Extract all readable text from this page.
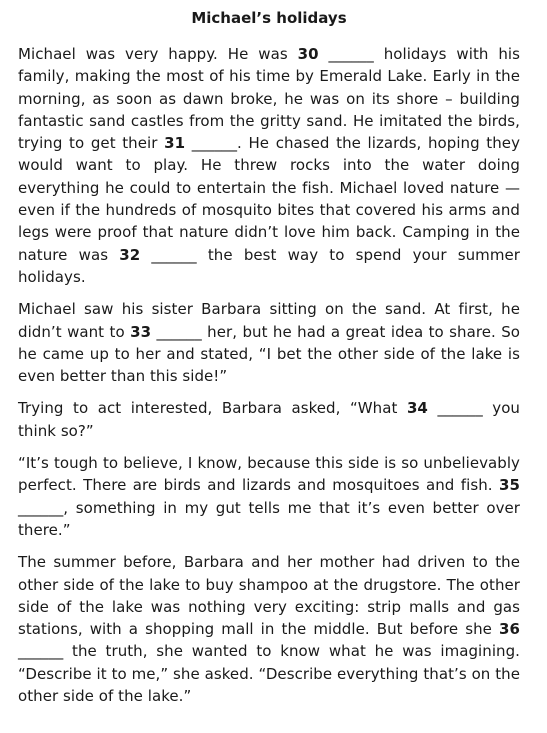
Michael’s holidays

Michael was very happy. He was 30 ______ holidays with his family, making the most of his time by Emerald Lake. Early in the morning, as soon as dawn broke, he was on its shore – building fantastic sand castles from the gritty sand. He imitated the birds, trying to get their 31 ______. He chased the lizards, hoping they would want to play. He threw rocks into the water doing everything he could to entertain the fish. Michael loved nature — even if the hundreds of mosquito bites that covered his arms and legs were proof that nature didn’t love him back. Camping in the nature was 32 ______ the best way to spend your summer holidays.

Michael saw his sister Barbara sitting on the sand. At first, he didn’t want to 33 ______ her, but he had a great idea to share. So he came up to her and stated, “I bet the other side of the lake is even better than this side!”

Trying to act interested, Barbara asked, “What 34 ______ you think so?”

“It’s tough to believe, I know, because this side is so unbelievably perfect. There are birds and lizards and mosquitoes and fish. 35 ______, something in my gut tells me that it’s even better over there.”

The summer before, Barbara and her mother had driven to the other side of the lake to buy shampoo at the drugstore. The other side of the lake was nothing very exciting: strip malls and gas stations, with a shopping mall in the middle. But before she 36 ______ the truth, she wanted to know what he was imagining. “Describe it to me,” she asked. “Describe everything that’s on the other side of the lake.”
